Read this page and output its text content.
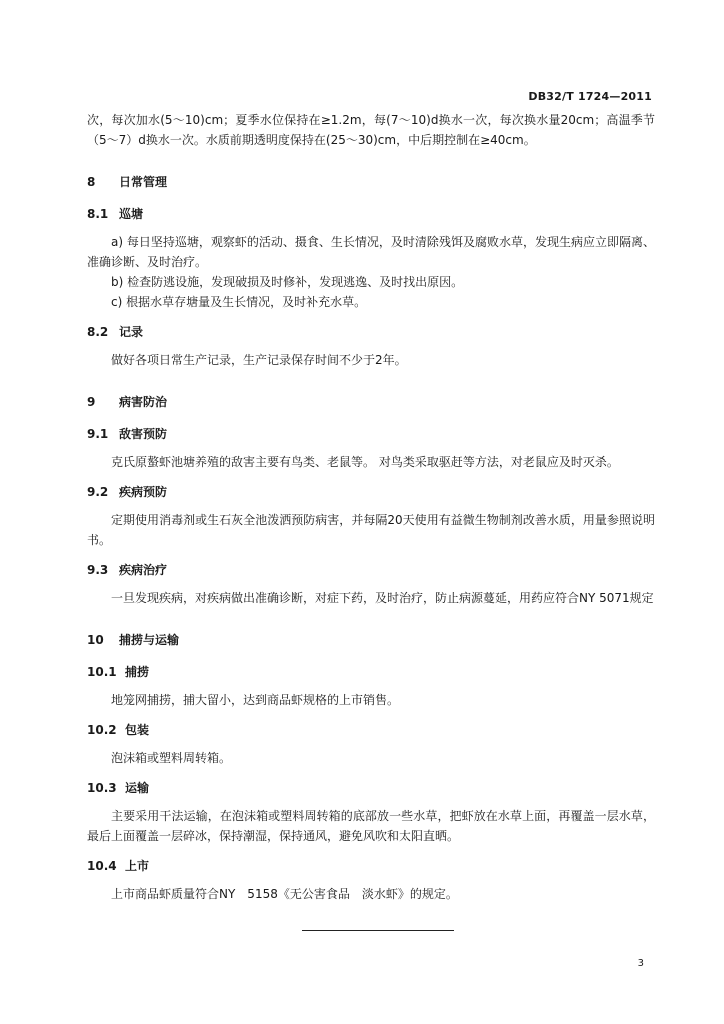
DB32/T 1724—2011

次，每次加水(5～10)cm；夏季水位保持在≥1.2m，每(7～10)d换水一次，每次换水量20cm；高温季节（5～7）d换水一次。水质前期透明度保持在(25～30)cm，中后期控制在≥40cm。

8	日常管理
8.1 巡塘

a) 每日坚持巡塘，观察虾的活动、摄食、生长情况，及时清除残饵及腐败水草，发现生病应立即隔离、准确诊断、及时治疗。

b) 检查防逃设施，发现破损及时修补，发现逃逸、及时找出原因。

c) 根据水草存塘量及生长情况，及时补充水草。

8.2 记录

做好各项日常生产记录，生产记录保存时间不少于2年。

9	病害防治
9.1 敌害预防

克氏原螯虾池塘养殖的敌害主要有鸟类、老鼠等。 对鸟类采取驱赶等方法，对老鼠应及时灭杀。

9.2 疾病预防

定期使用消毒剂或生石灰全池泼洒预防病害，并每隔20天使用有益微生物制剂改善水质，用量参照说明书。

9.3 疾病治疗

一旦发现疾病，对疾病做出准确诊断，对症下药，及时治疗，防止病源蔓延，用药应符合NY 5071规定

10	捕捞与运输
10.1 捕捞

地笼网捕捞，捕大留小，达到商品虾规格的上市销售。

10.2 包装

泡沫箱或塑料周转箱。

10.3 运输

主要采用干法运输，在泡沫箱或塑料周转箱的底部放一些水草，把虾放在水草上面，再覆盖一层水草，最后上面覆盖一层碎冰，保持潮湿，保持通风，避免风吹和太阳直晒。

10.4 上市

上市商品虾质量符合NY　5158《无公害食品　淡水虾》的规定。

3
